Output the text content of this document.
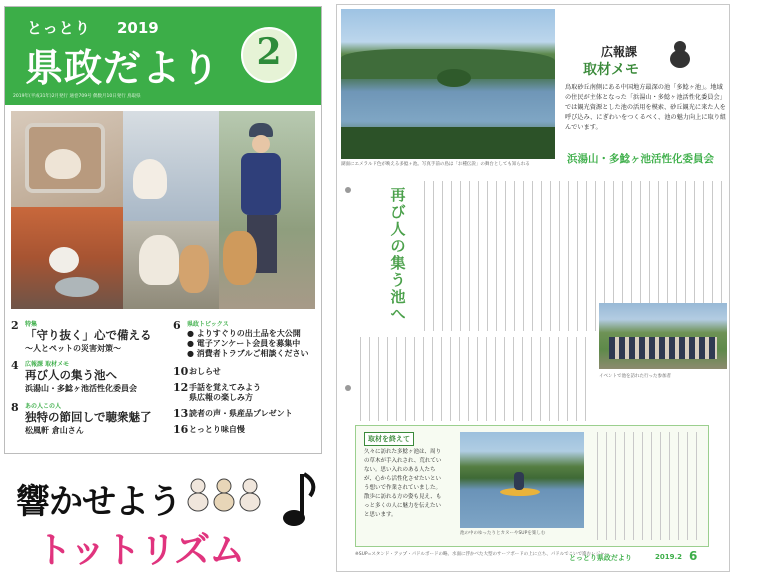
とっとり 2019
県政だより	2
2019年(平成31年)2月発行 通巻709号 偶数月10日発行 鳥取県
2 特集
「守り抜く」心で備える
〜人とペットの災害対策〜
4 広報課 取材メモ
再び人の集う池へ
浜湯山・多鯰ヶ池活性化委員会
8 あの人この人
独特の節回しで聴衆魅了
松風軒 倉山さん
6 県政トピックス
● よりすぐりの出土品を大公開
● 電子アンケート会員を募集中
● 消費者トラブルご相談ください
10 おしらせ
12 手話を覚えてみよう
県広報の楽しみ方
13 読者の声・県産品プレゼント
16 とっとり味自慢
響かせよう
トットリズム
湖面にエメラルド色が映える多鯰ヶ池。写真手前の島は「お種伝説」の舞台としても知られる
広報課
取材メモ
鳥取砂丘南側にある中国地方最深の池「多鯰ヶ池」。地域の住民が主体となった「浜湯山・多鯰ヶ池活性化委員会」では観光資源とした池の活用を模索、砂丘観光に来た人を呼び込み、にぎわいをつくるべく、池の魅力向上に取り組んでいます。
浜湯山・多鯰ヶ池活性化委員会
再び人の集う池へ
イベントで池を訪れた行った参加者
取材を終えて
久々に訪れた多鯰ヶ池は、周りの草木が手入れされ、荒れていない。思い入れのある人たちが、心から活性化させたいという想いで作業されていました。散歩に訪れる方の姿も見え、もっと多くの人に魅力を伝えたいと思います。
池の中のゆったりとカヌーやSUPを楽しむ
※SUP=スタンド・アップ・パドルボードの略。水面に浮かべた大型のサーフボードの上に立ち、パドルでこいで進むレジャー
とっとり県政だより	2019.2 6
